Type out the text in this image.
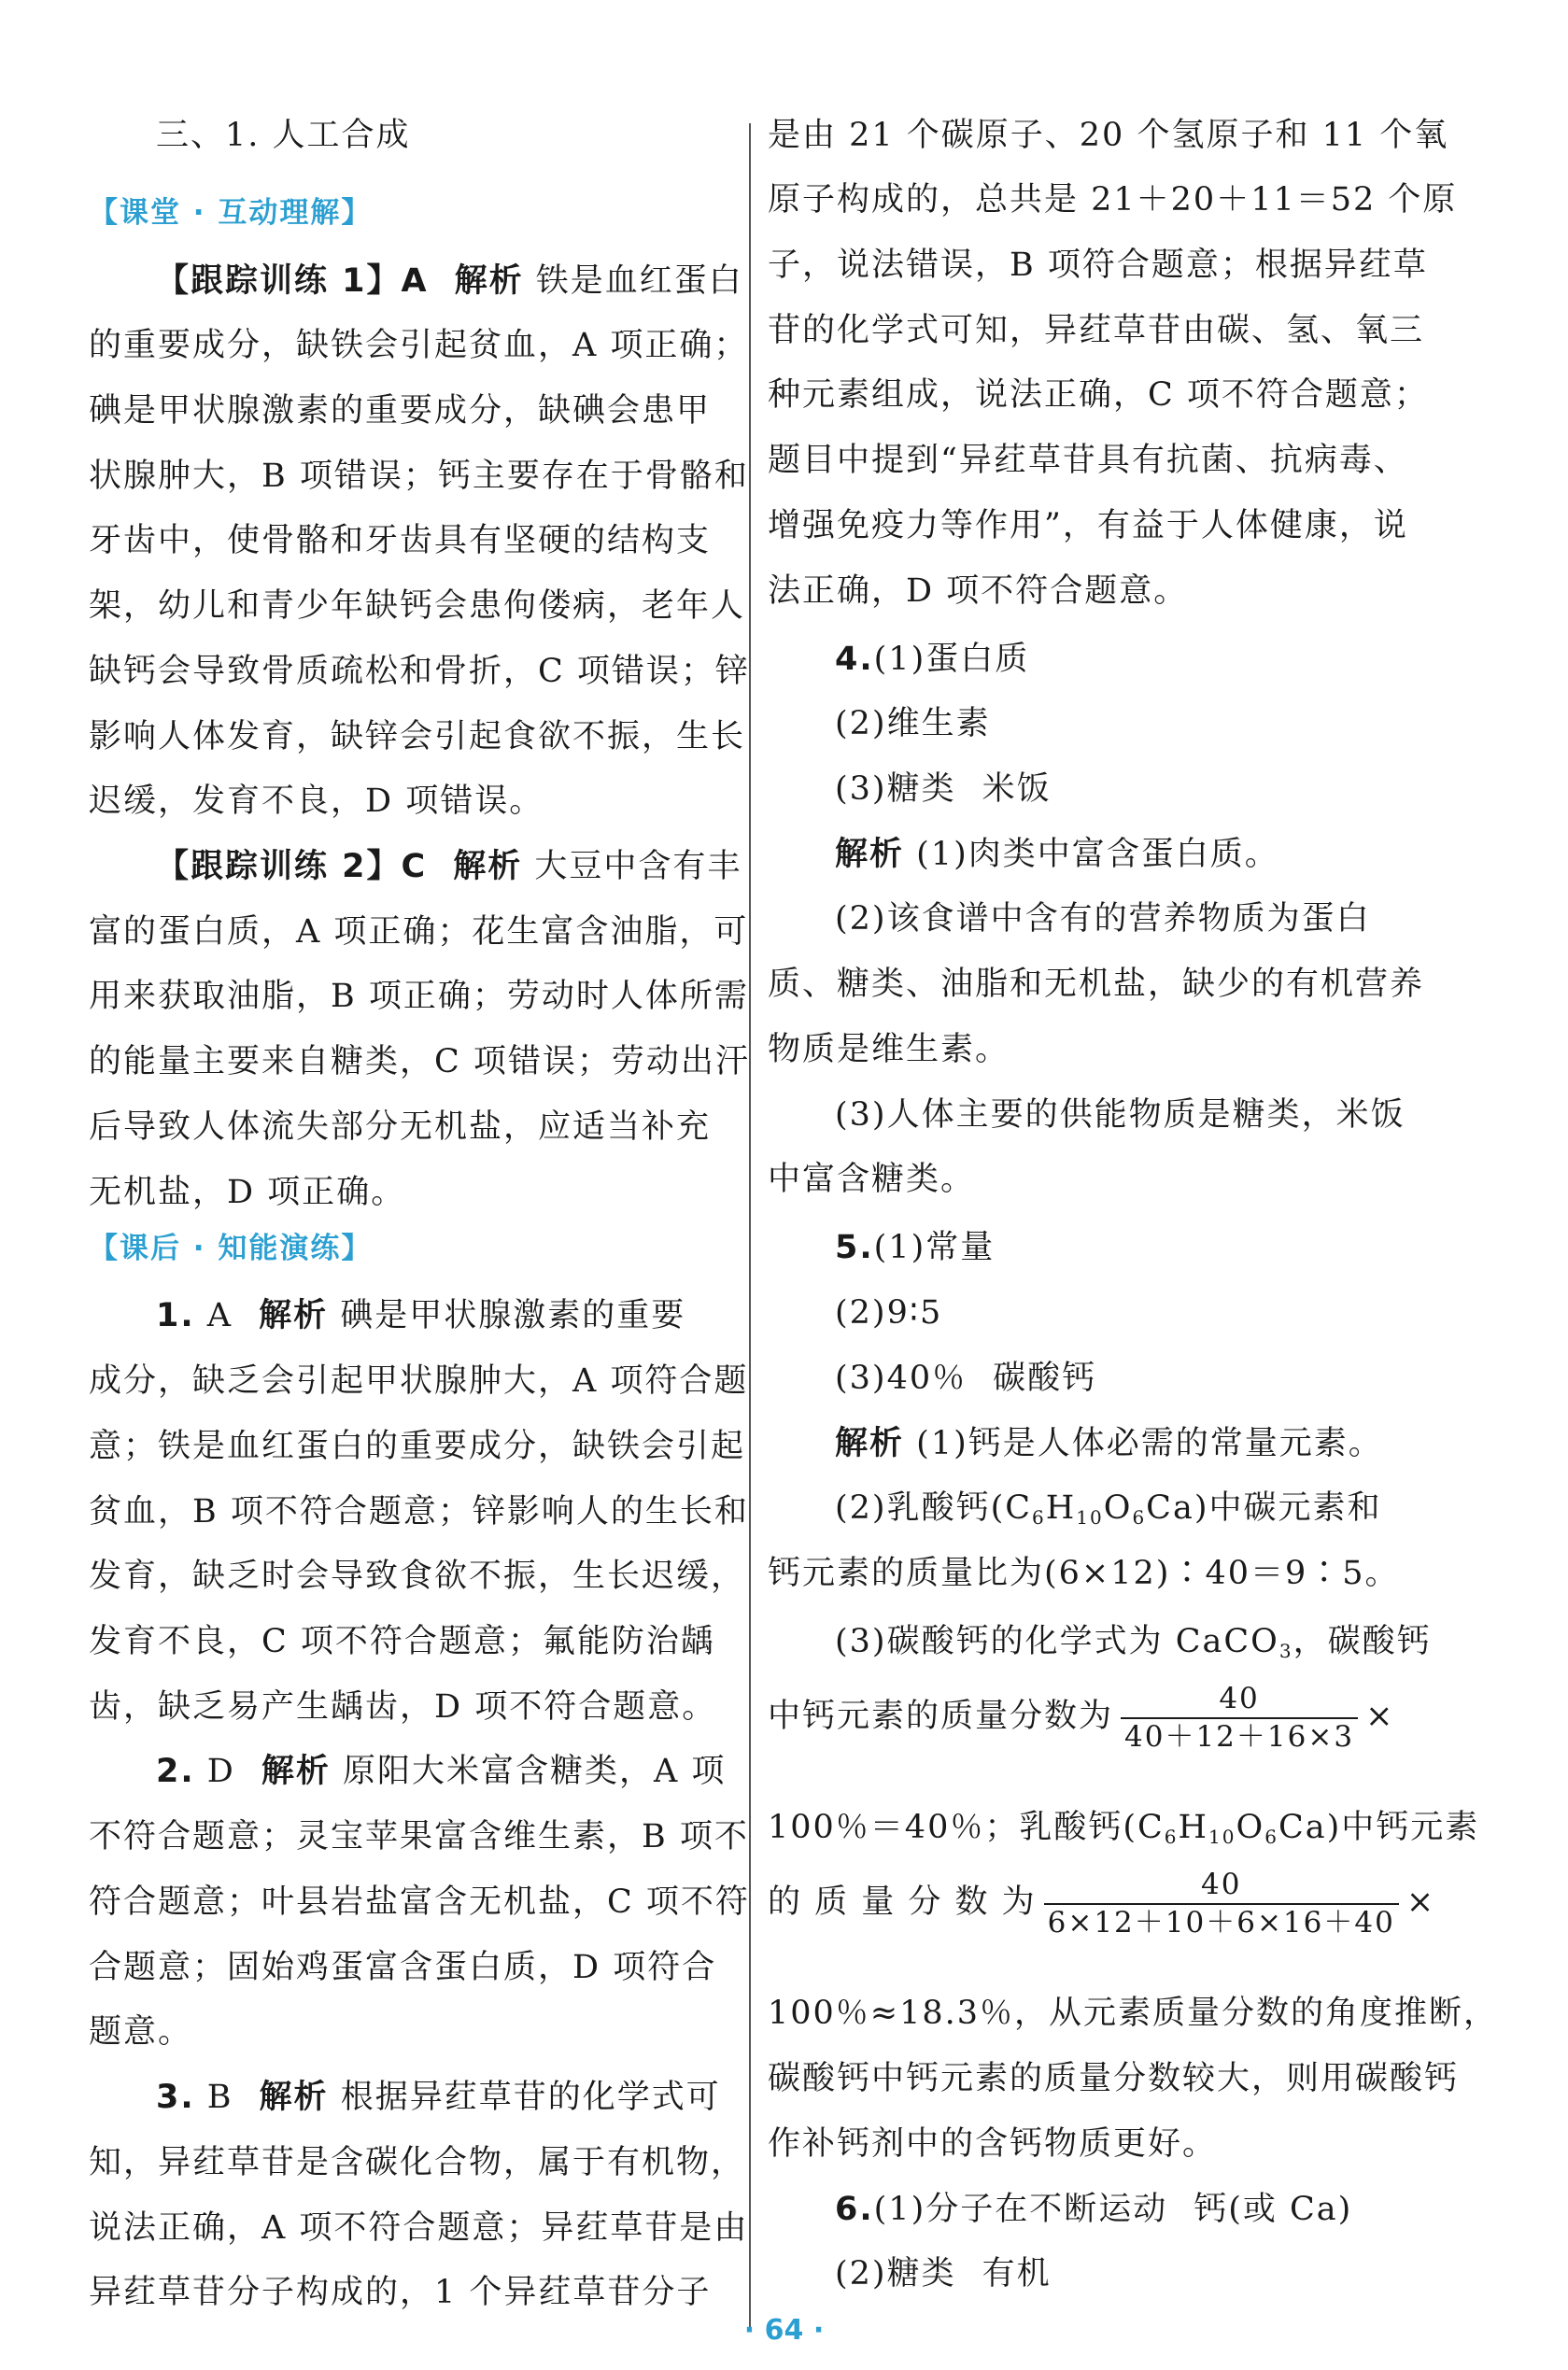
三、1. 人工合成
【课堂 · 互动理解】
【跟踪训练 1】A 解析 铁是血红蛋白
的重要成分，缺铁会引起贫血，A 项正确；
碘是甲状腺激素的重要成分，缺碘会患甲
状腺肿大，B 项错误；钙主要存在于骨骼和
牙齿中，使骨骼和牙齿具有坚硬的结构支
架，幼儿和青少年缺钙会患佝偻病，老年人
缺钙会导致骨质疏松和骨折，C 项错误；锌
影响人体发育，缺锌会引起食欲不振，生长
迟缓，发育不良，D 项错误。
【跟踪训练 2】C 解析 大豆中含有丰
富的蛋白质，A 项正确；花生富含油脂，可
用来获取油脂，B 项正确；劳动时人体所需
的能量主要来自糖类，C 项错误；劳动出汗
后导致人体流失部分无机盐，应适当补充
无机盐，D 项正确。
【课后 · 知能演练】
1. A 解析 碘是甲状腺激素的重要
成分，缺乏会引起甲状腺肿大，A 项符合题
意；铁是血红蛋白的重要成分，缺铁会引起
贫血，B 项不符合题意；锌影响人的生长和
发育，缺乏时会导致食欲不振，生长迟缓，
发育不良，C 项不符合题意；氟能防治龋
齿，缺乏易产生龋齿，D 项不符合题意。
2. D 解析 原阳大米富含糖类，A 项
不符合题意；灵宝苹果富含维生素，B 项不
符合题意；叶县岩盐富含无机盐，C 项不符
合题意；固始鸡蛋富含蛋白质，D 项符合
题意。
3. B 解析 根据异荭草苷的化学式可
知，异荭草苷是含碳化合物，属于有机物，
说法正确，A 项不符合题意；异荭草苷是由
异荭草苷分子构成的，1 个异荭草苷分子
是由 21 个碳原子、20 个氢原子和 11 个氧
原子构成的，总共是 21＋20＋11＝52 个原
子，说法错误，B 项符合题意；根据异荭草
苷的化学式可知，异荭草苷由碳、氢、氧三
种元素组成，说法正确，C 项不符合题意；
题目中提到“异荭草苷具有抗菌、抗病毒、
增强免疫力等作用”，有益于人体健康，说
法正确，D 项不符合题意。
4.(1)蛋白质
(2)维生素
(3)糖类 米饭
解析 (1)肉类中富含蛋白质。
(2)该食谱中含有的营养物质为蛋白
质、糖类、油脂和无机盐，缺少的有机营养
物质是维生素。
(3)人体主要的供能物质是糖类，米饭
中富含糖类。
5.(1)常量
(2)9∶5
(3)40％ 碳酸钙
解析 (1)钙是人体必需的常量元素。
(2)乳酸钙$(C_6H_{10}O_6Ca)$中碳元素和
钙元素的质量比为(6×12)∶40＝9∶5。
(3)碳酸钙的化学式为 CaCO$_3$，碳酸钙
中钙元素的质量分数为 $\frac{40}{40+12+16\times 3}$ ×
100％＝40％；乳酸钙$(C_6H_{10}O_6Ca)$中钙元素
的 质 量 分 数 为 $\frac{40}{6\times 12+10+6\times 16+40}$ ×
100％≈18.3％，从元素质量分数的角度推断，
碳酸钙中钙元素的质量分数较大，则用碳酸钙
作补钙剂中的含钙物质更好。
6.(1)分子在不断运动 钙(或 Ca)
(2)糖类 有机
· 64 ·
